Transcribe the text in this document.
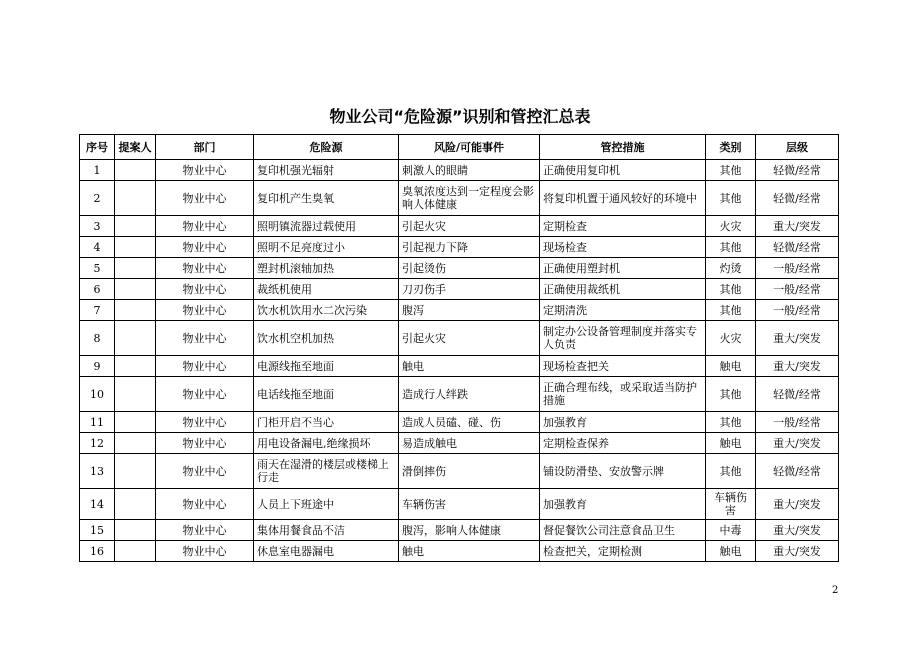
物业公司“危险源”识别和管控汇总表
序号	提案人	部门	危险源	风险/可能事件	管控措施	类别	层级
1		物业中心	复印机强光辐射	刺激人的眼睛	正确使用复印机	其他	轻微/经常
2		物业中心	复印机产生臭氧	臭氧浓度达到一定程度会影响人体健康	将复印机置于通风较好的环境中	其他	轻微/经常
3		物业中心	照明镇流器过载使用	引起火灾	定期检查	火灾	重大/突发
4		物业中心	照明不足亮度过小	引起视力下降	现场检查	其他	轻微/经常
5		物业中心	塑封机滚轴加热	引起烫伤	正确使用塑封机	灼烫	一般/经常
6		物业中心	裁纸机使用	刀刃伤手	正确使用裁纸机	其他	一般/经常
7		物业中心	饮水机饮用水二次污染	腹泻	定期清洗	其他	一般/经常
8		物业中心	饮水机空机加热	引起火灾	制定办公设备管理制度并落实专人负责	火灾	重大/突发
9		物业中心	电源线拖至地面	触电	现场检查把关	触电	重大/突发
10		物业中心	电话线拖至地面	造成行人绊跌	正确合理布线，或采取适当防护措施	其他	轻微/经常
11		物业中心	门柜开启不当心	造成人员磕、碰、伤	加强教育	其他	一般/经常
12		物业中心	用电设备漏电,绝缘损坏	易造成触电	定期检查保养	触电	重大/突发
13		物业中心	雨天在湿滑的楼层或楼梯上行走	滑倒摔伤	铺设防滑垫、安放警示牌	其他	轻微/经常
14		物业中心	人员上下班途中	车辆伤害	加强教育	车辆伤害	重大/突发
15		物业中心	集体用餐食品不洁	腹泻，影响人体健康	督促餐饮公司注意食品卫生	中毒	重大/突发
16		物业中心	休息室电器漏电	触电	检查把关，定期检测	触电	重大/突发
2
